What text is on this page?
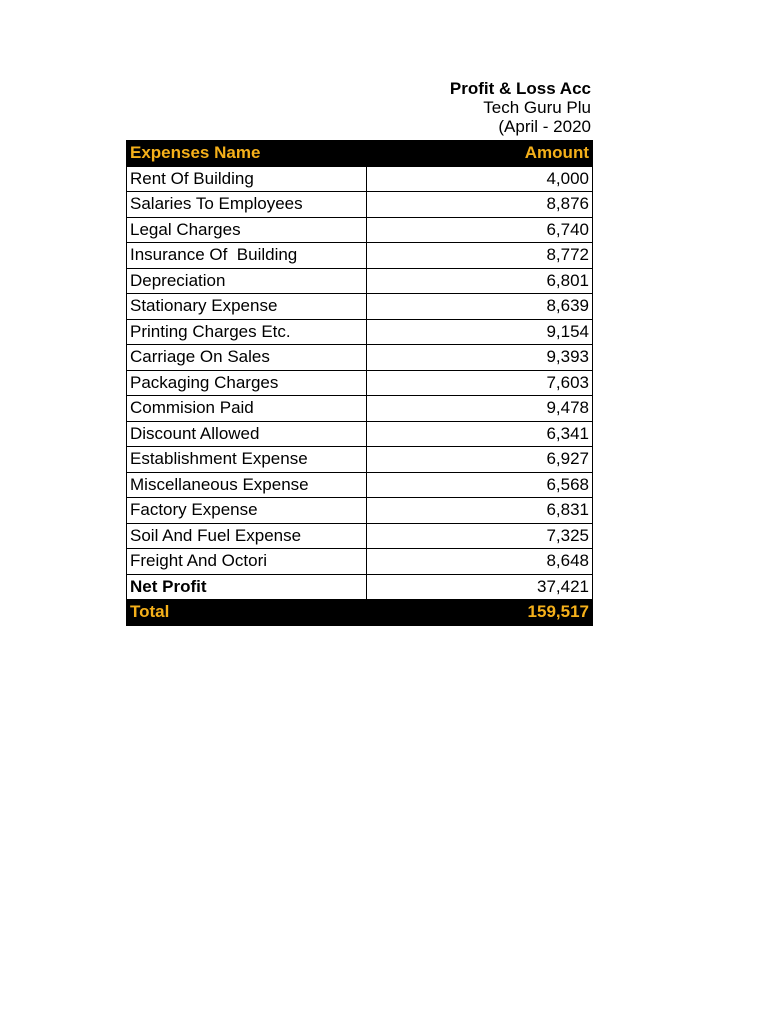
Profit & Loss Acc
Tech Guru Plu
(April - 2020
Expenses Name	Amount
Rent Of Building	4,000
Salaries To Employees	8,876
Legal Charges	6,740
Insurance Of  Building	8,772
Depreciation	6,801
Stationary Expense	8,639
Printing Charges Etc.	9,154
Carriage On Sales	9,393
Packaging Charges	7,603
Commision Paid	9,478
Discount Allowed	6,341
Establishment Expense	6,927
Miscellaneous Expense	6,568
Factory Expense	6,831
Soil And Fuel Expense	7,325
Freight And Octori	8,648
Net Profit	37,421
Total	159,517
